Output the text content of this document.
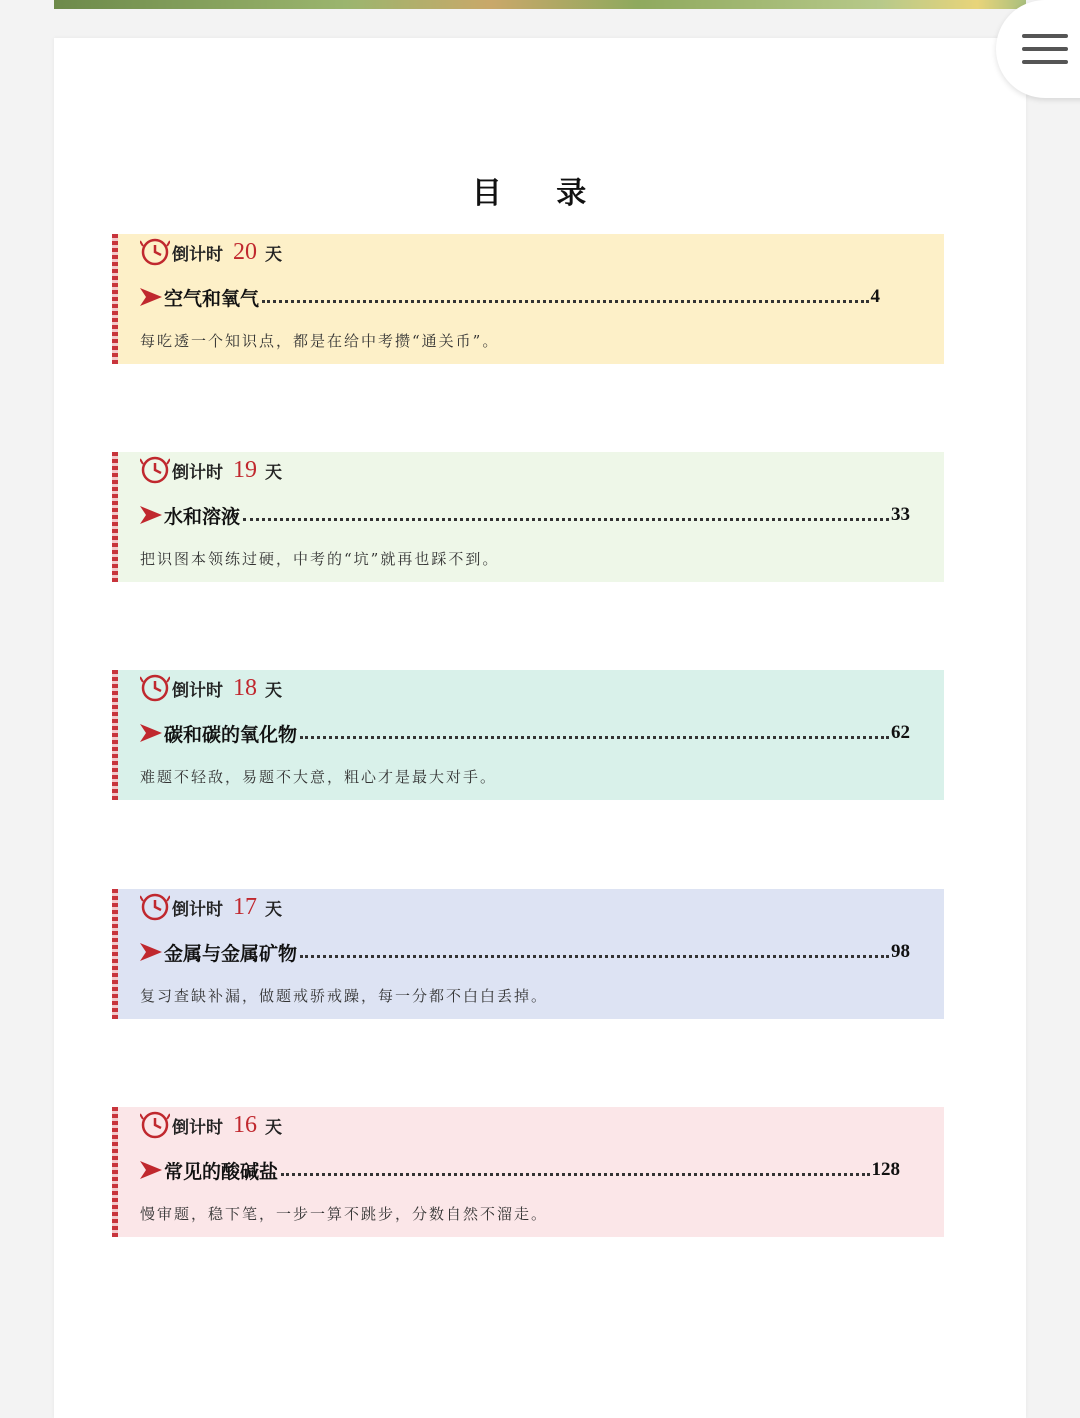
目 录
倒计时 20 天
空气和氧气	4
每吃透一个知识点，都是在给中考攒“通关币”。
倒计时 19 天
水和溶液	33
把识图本领练过硬，中考的“坑”就再也踩不到。
倒计时 18 天
碳和碳的氧化物	62
难题不轻敌，易题不大意，粗心才是最大对手。
倒计时 17 天
金属与金属矿物	98
复习查缺补漏，做题戒骄戒躁，每一分都不白白丢掉。
倒计时 16 天
常见的酸碱盐	128
慢审题，稳下笔，一步一算不跳步，分数自然不溜走。
